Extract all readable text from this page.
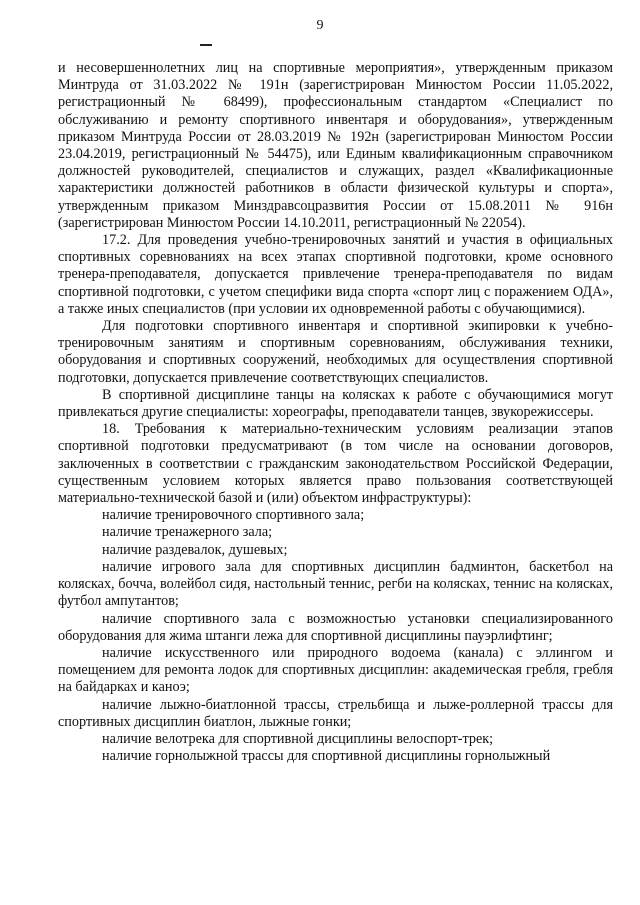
9

и несовершеннолетних лиц на спортивные мероприятия», утвержденным приказом Минтруда от 31.03.2022 № 191н (зарегистрирован Минюстом России 11.05.2022, регистрационный № 68499), профессиональным стандартом «Специалист по обслуживанию и ремонту спортивного инвентаря и оборудования», утвержденным приказом Минтруда России от 28.03.2019 № 192н (зарегистрирован Минюстом России 23.04.2019, регистрационный № 54475), или Единым квалификационным справочником должностей руководителей, специалистов и служащих, раздел «Квалификационные характеристики должностей работников в области физической культуры и спорта», утвержденным приказом Минздравсоцразвития России от 15.08.2011 № 916н (зарегистрирован Минюстом России 14.10.2011, регистрационный № 22054).

17.2. Для проведения учебно-тренировочных занятий и участия в официальных спортивных соревнованиях на всех этапах спортивной подготовки, кроме основного тренера-преподавателя, допускается привлечение тренера-преподавателя по видам спортивной подготовки, с учетом специфики вида спорта «спорт лиц с поражением ОДА», а также иных специалистов (при условии их одновременной работы с обучающимися).

Для подготовки спортивного инвентаря и спортивной экипировки к учебно-тренировочным занятиям и спортивным соревнованиям, обслуживания техники, оборудования и спортивных сооружений, необходимых для осуществления спортивной подготовки, допускается привлечение соответствующих специалистов.

В спортивной дисциплине танцы на колясках к работе с обучающимися могут привлекаться другие специалисты: хореографы, преподаватели танцев, звукорежиссеры.

18. Требования к материально-техническим условиям реализации этапов спортивной подготовки предусматривают (в том числе на основании договоров, заключенных в соответствии с гражданским законодательством Российской Федерации, существенным условием которых является право пользования соответствующей материально-технической базой и (или) объектом инфраструктуры):

наличие тренировочного спортивного зала;

наличие тренажерного зала;

наличие раздевалок, душевых;

наличие игрового зала для спортивных дисциплин бадминтон, баскетбол на колясках, бочча, волейбол сидя, настольный теннис, регби на колясках, теннис на колясках, футбол ампутантов;

наличие спортивного зала с возможностью установки специализированного оборудования для жима штанги лежа для спортивной дисциплины пауэрлифтинг;

наличие искусственного или природного водоема (канала) с эллингом и помещением для ремонта лодок для спортивных дисциплин: академическая гребля, гребля на байдарках и каноэ;

наличие лыжно-биатлонной трассы, стрельбища и лыже-роллерной трассы для спортивных дисциплин биатлон, лыжные гонки;

наличие велотрека для спортивной дисциплины велоспорт-трек;

наличие горнолыжной трассы для спортивной дисциплины горнолыжный
